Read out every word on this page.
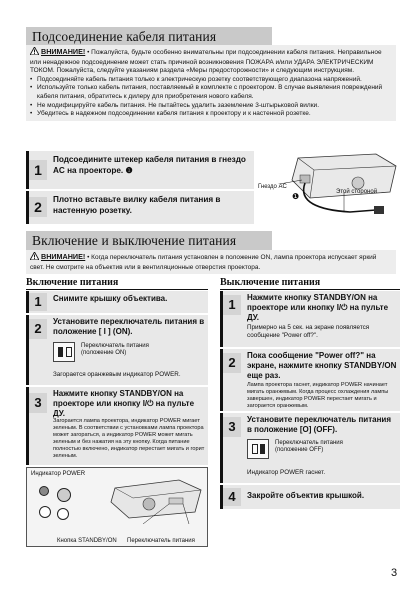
Подсоединение кабеля питания
ВНИМАНИЕ! • Пожалуйста, будьте особенно внимательны при подсоединении кабеля питания. Неправильное или ненадежное подсоединение может стать причиной возникновения ПОЖАРА и/или УДАРА ЭЛЕКТРИЧЕСКИМ ТОКОМ. Пожалуйста, следуйте указаниям раздела «Меры предосторожности» и следующим инструкциям.
• Подсоединяйте кабель питания только к электрическую розетку соответствующего диапазона напряжений.
• Используйте только кабель питания, поставляемый в комплекте с проектором. В случае выявления повреждений кабеля питания, обратитесь к дилеру для приобретения нового кабеля.
• Не модифицируйте кабель питания. Не пытайтесь удалить заземление 3-штырьковой вилки.
• Убедитесь в надежном подсоединении кабеля питания к проектору и к настенной розетке.
1
Подсоедините штекер кабеля питания в гнездо AC на проекторе. ❶
2	Плотно вставьте вилку кабеля питания в настенную розетку.
Гнездо AC
Этой стороной
❶
Включение и выключение питания
ВНИМАНИЕ! • Когда переключатель питания установлен в положение ON, лампа проектора испускает яркий свет. Не смотрите на объектив или в вентиляционные отверстия проектора.
Включение питания	Выключение питания
1	Снимите крышку объектива.
2	Установите переключатель питания в положение [ I ] (ON).
Переключатель питания (положение ON)
Загорается оранжевым индикатор POWER.
3
Нажмите кнопку STANDBY/ON на проекторе или кнопку I/⏻ на пульте ДУ.
Загорается лампа проектора, индикатор POWER мигает зеленым. В соответствии с установками лампа проектора может загораться, а индикатор POWER может мигать зеленым и без нажатия на эту кнопку. Когда питание полностью включено, индикатор перестает мигать и горит зеленым.
Индикатор POWER
Кнопка STANDBY/ON Переключатель питания
1	Нажмите кнопку STANDBY/ON на проекторе или кнопку I/⏻ на пульте ДУ.
Примерно на 5 сек. на экране появляется сообщение "Power off?".
2	Пока сообщение "Power off?" на экране, нажмите кнопку STANDBY/ON еще раз.
Лампа проектора гаснет, индикатор POWER начинает мигать оранжевым. Когда процесс охлаждения лампы завершен, индикатор POWER перестает мигать и загорается оранжевым.
3	Установите переключатель питания в положение [O] (OFF).
Переключатель питания (положение OFF)
Индикатор POWER гаснет.
4	Закройте объектив крышкой.
3
